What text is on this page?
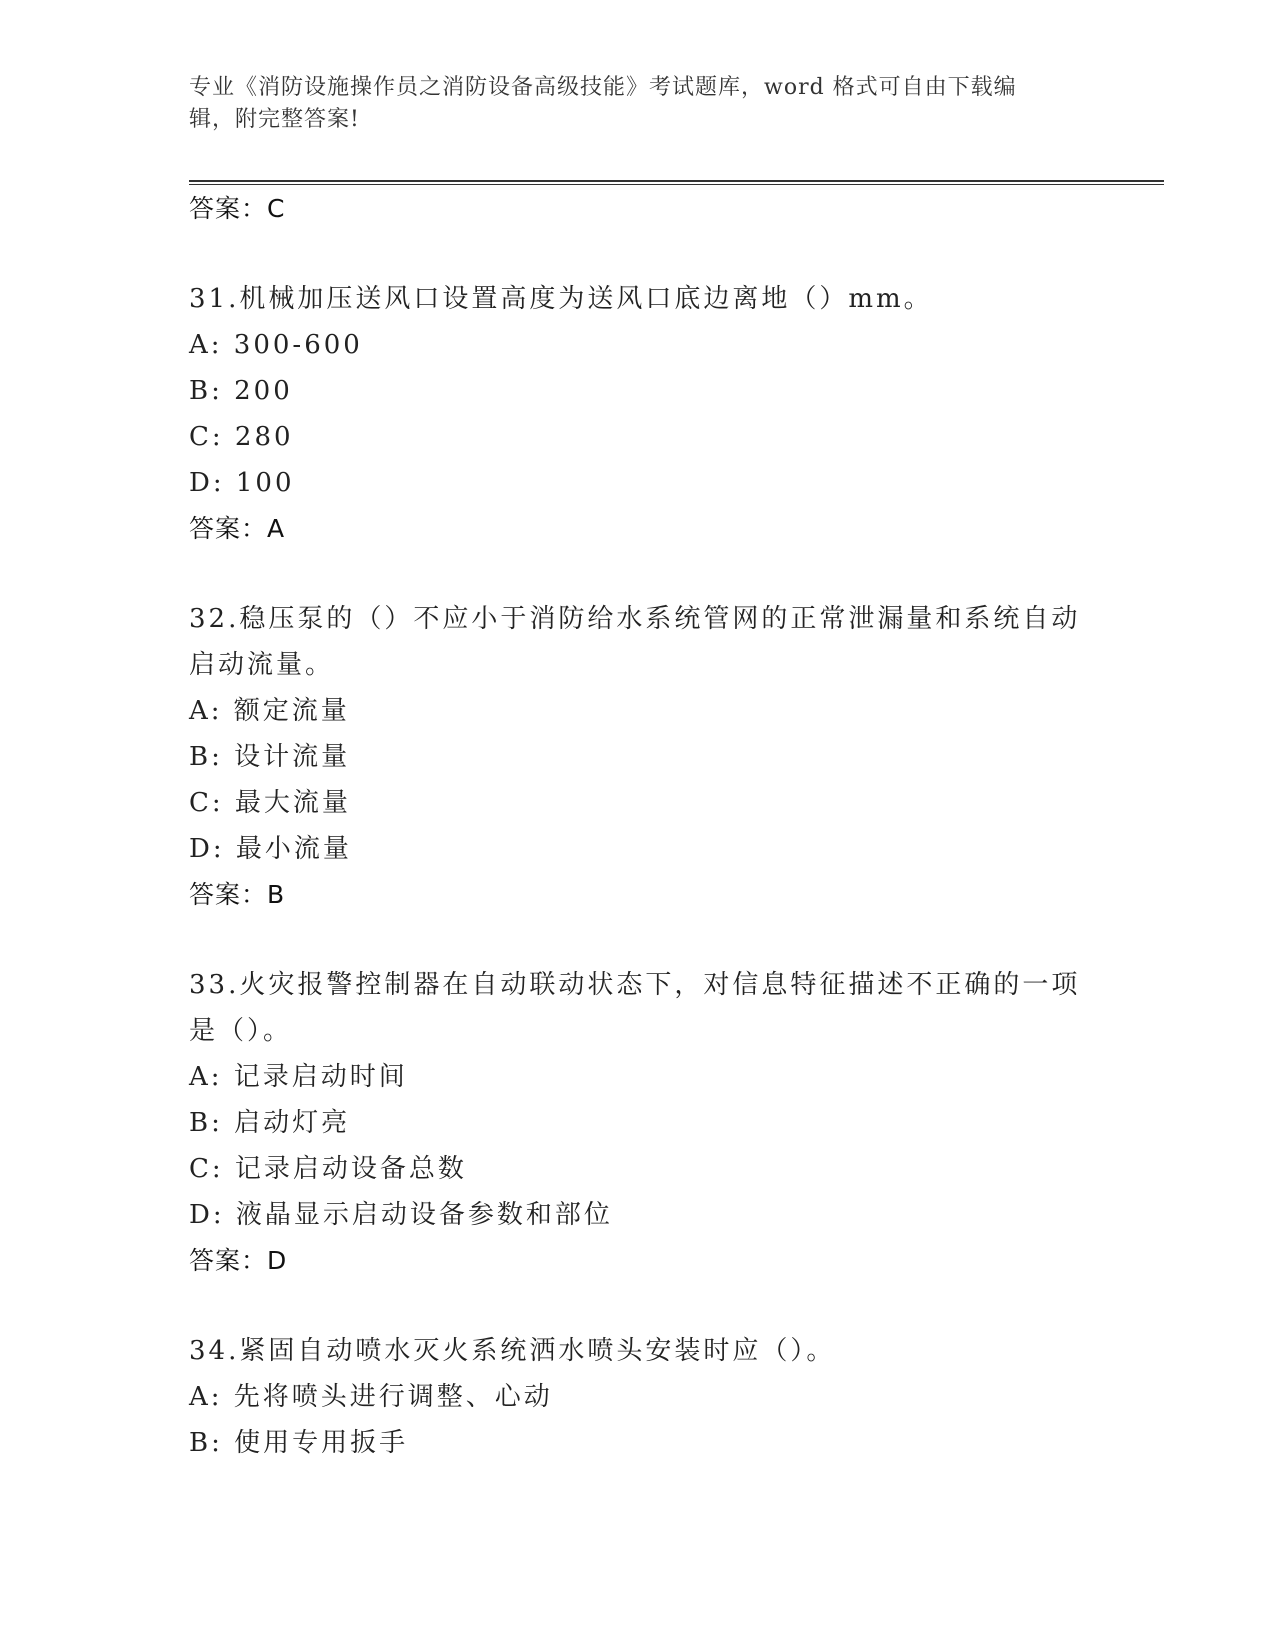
专业《消防设施操作员之消防设备高级技能》考试题库，word 格式可自由下载编
辑，附完整答案!
答案：C
31.机械加压送风口设置高度为送风口底边离地（）mm。
A: 300-600
B: 200
C: 280
D: 100
答案：A
32.稳压泵的（）不应小于消防给水系统管网的正常泄漏量和系统自动启动流量。
A: 额定流量
B: 设计流量
C: 最大流量
D: 最小流量
答案：B
33.火灾报警控制器在自动联动状态下，对信息特征描述不正确的一项是（）。
A: 记录启动时间
B: 启动灯亮
C: 记录启动设备总数
D: 液晶显示启动设备参数和部位
答案：D
34.紧固自动喷水灭火系统洒水喷头安装时应（）。
A: 先将喷头进行调整、心动
B: 使用专用扳手
